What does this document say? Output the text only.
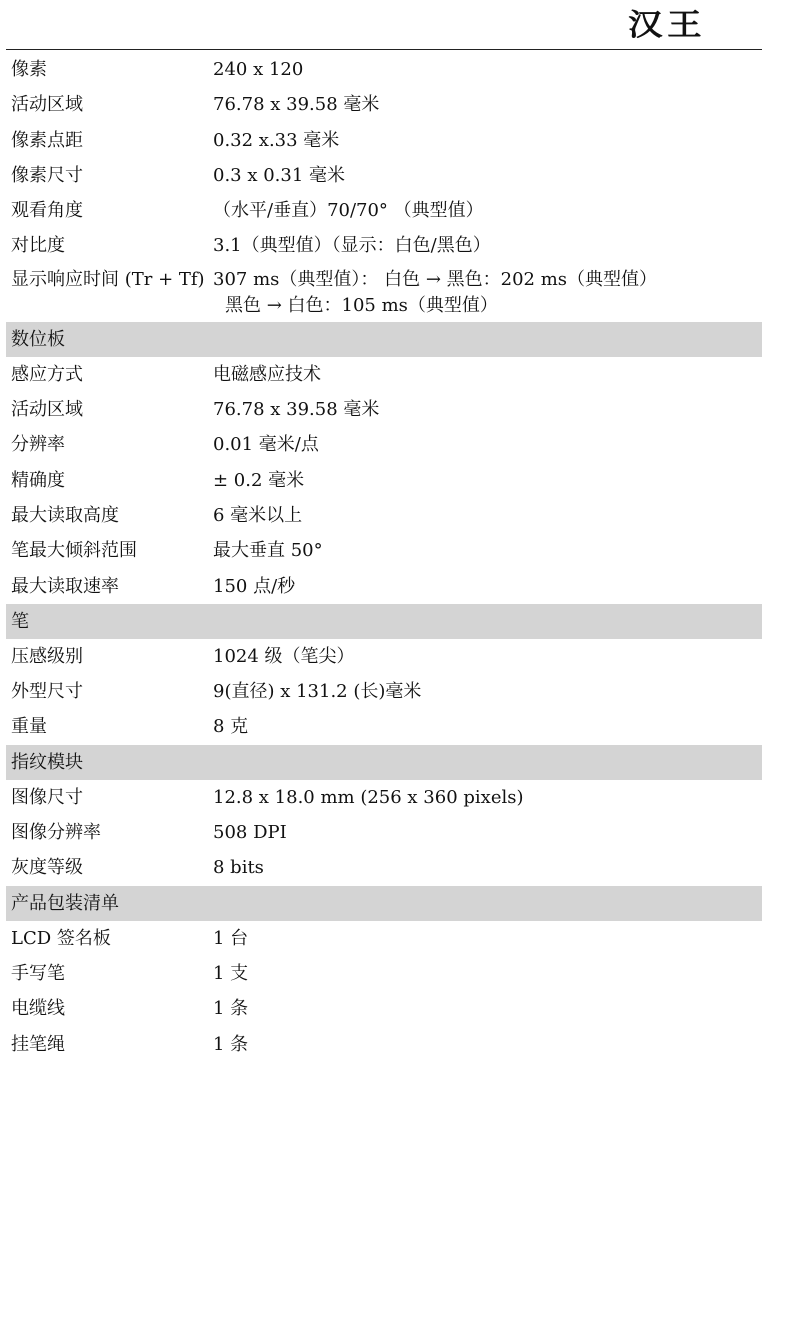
汉王
像素	240 x 120
活动区域	76.78 x 39.58 毫米
像素点距	0.32 x.33 毫米
像素尺寸	0.3 x 0.31 毫米
观看角度	（水平/垂直）70/70° （典型值）
对比度	3.1（典型值）（显示：白色/黑色）
显示响应时间 (Tr + Tf) 307 ms（典型值）： 白色 → 黑色：202 ms（典型值）
黑色 → 白色：105 ms（典型值）
数位板
感应方式	电磁感应技术
活动区域	76.78 x 39.58 毫米
分辨率	0.01 毫米/点
精确度	± 0.2 毫米
最大读取高度	6 毫米以上
笔最大倾斜范围	最大垂直 50°
最大读取速率	150 点/秒
笔
压感级别	1024 级（笔尖）
外型尺寸	9(直径) x 131.2 (长)毫米
重量	8 克
指纹模块
图像尺寸	12.8 x 18.0 mm (256 x 360 pixels)
图像分辨率	508 DPI
灰度等级	8 bits
产品包装清单
LCD 签名板	1 台
手写笔	1 支
电缆线	1 条
挂笔绳	1 条
